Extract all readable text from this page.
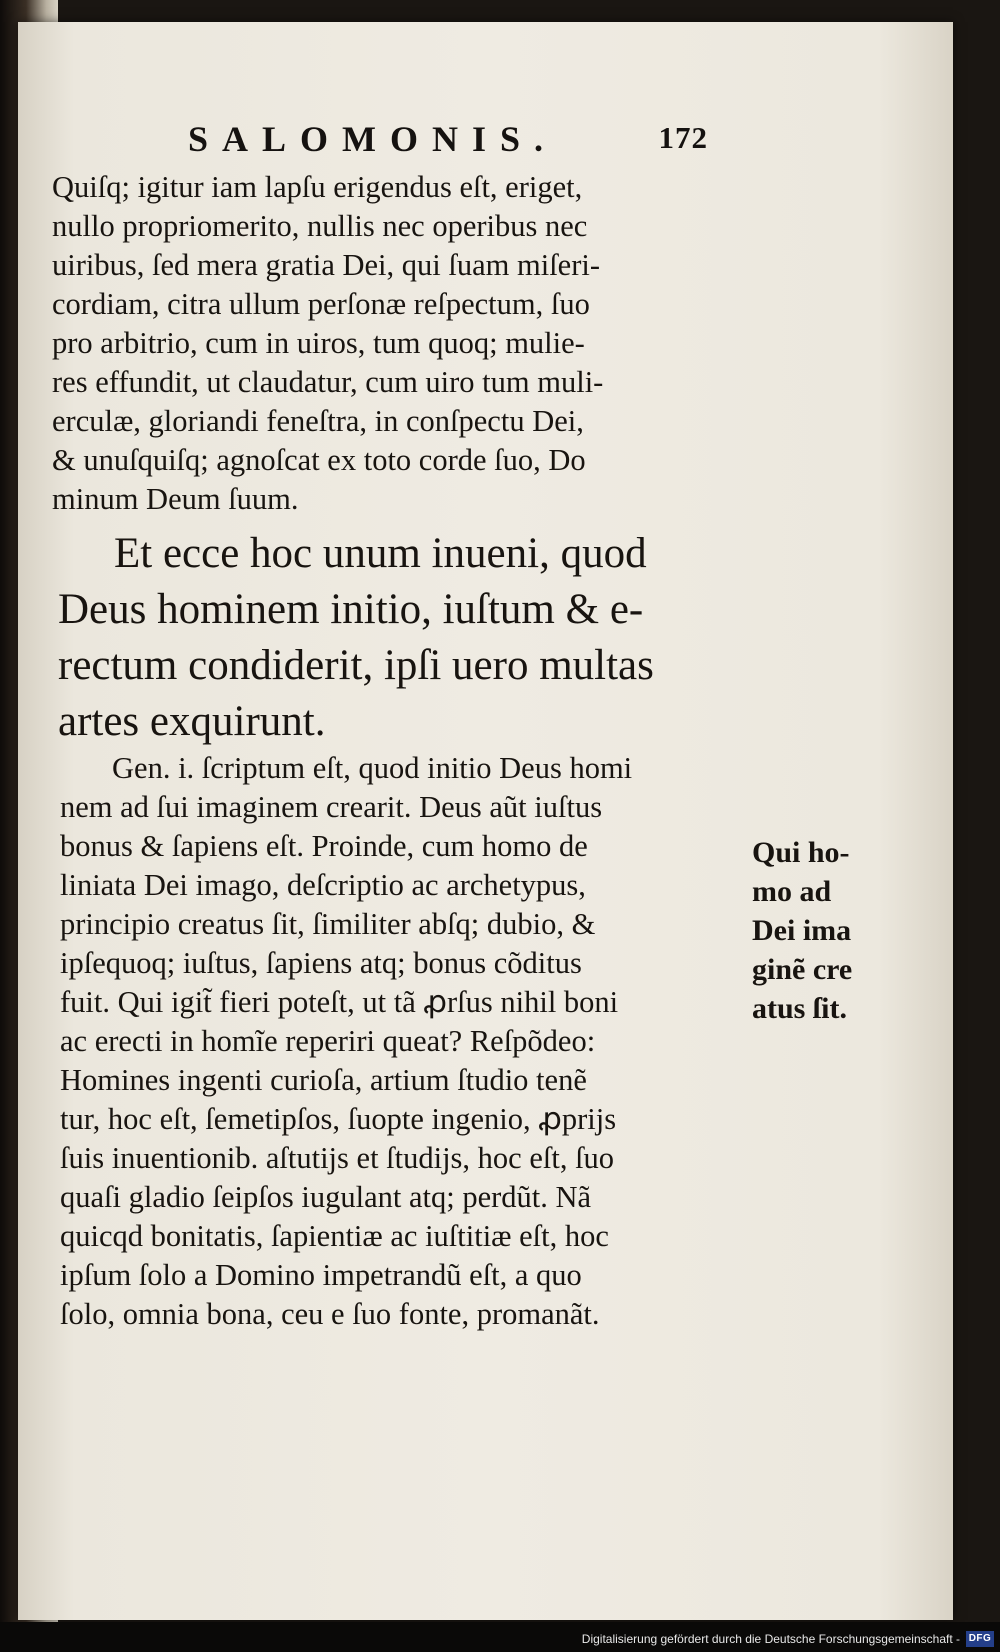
SALOMONIS.	172
Quiſq; igitur iam lapſu erigendus eſt, eriget,
nullo propriomerito, nullis nec operibus nec
uiribus, ſed mera gratia Dei, qui ſuam miſeri-
cordiam, citra ullum perſonæ reſpectum, ſuo
pro arbitrio, cum in uiros, tum quoq; mulie-
res effundit, ut claudatur, cum uiro tum muli-
erculæ, gloriandi feneſtra, in conſpectu Dei,
& unuſquiſq; agnoſcat ex toto corde ſuo, Do
minum Deum ſuum.
Et ecce hoc unum inueni, quod
Deus hominem initio, iuſtum & e-
rectum condiderit, ipſi uero multas
artes exquirunt.
Gen. i. ſcriptum eſt, quod initio Deus homi
nem ad ſui imaginem crearit. Deus aũt iuſtus
bonus & ſapiens eſt. Proinde, cum homo de
liniata Dei imago, deſcriptio ac archetypus,
principio creatus ſit, ſimiliter abſq; dubio, &
ipſequoq; iuſtus, ſapiens atq; bonus cõditus
fuit. Qui igit̃ fieri poteſt, ut tã ꝓrſus nihil boni
ac erecti in homĩe reperiri queat? Reſpõdeo:
Homines ingenti curioſa, artium ſtudio tenẽ
tur, hoc eſt, ſemetipſos, ſuopte ingenio, ꝓprijs
ſuis inuentionib. aſtutijs et ſtudijs, hoc eſt, ſuo
quaſi gladio ſeipſos iugulant atq; perdũt. Nã
quicqd bonitatis, ſapientiæ ac iuſtitiæ eſt, hoc
ipſum ſolo a Domino impetrandũ eſt, a quo
ſolo, omnia bona, ceu e ſuo fonte, promanãt.
Qui ho-
mo ad
Dei ima
ginẽ cre
atus ſit.
Digitalisierung gefördert durch die Deutsche Forschungsgemeinschaft - DFG
